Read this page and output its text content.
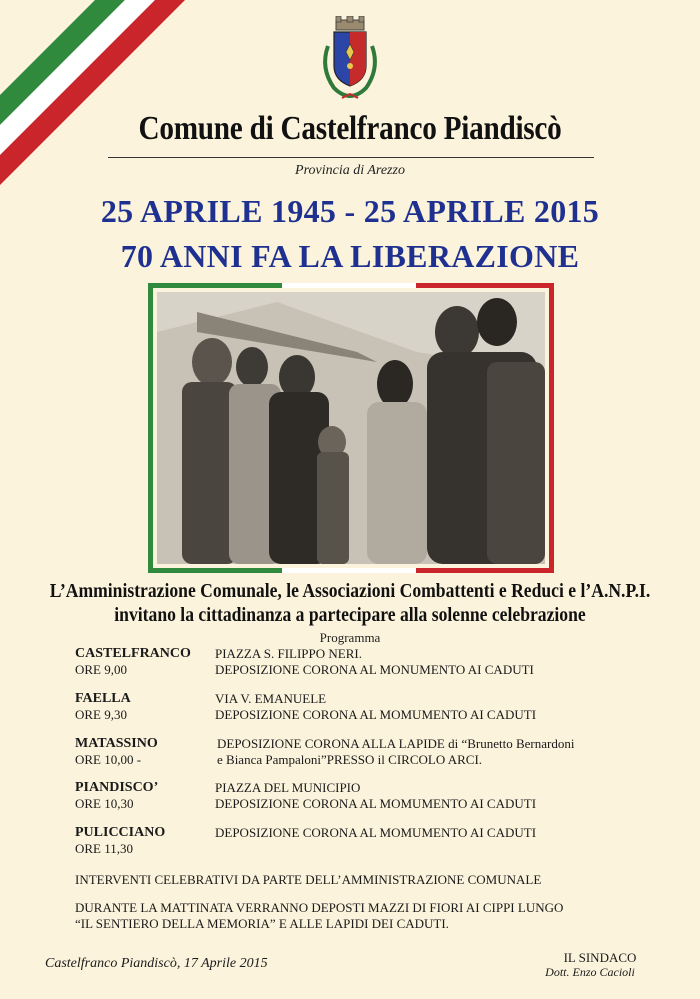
Comune di Castelfranco Piandiscò
Provincia di Arezzo
25 APRILE 1945 - 25 APRILE 2015
70 ANNI FA LA LIBERAZIONE
L’Amministrazione Comunale, le Associazioni Combattenti e Reduci e l’A.N.P.I.
invitano la cittadinanza a partecipare alla solenne celebrazione
Programma
CASTELFRANCO
ORE 9,00
PIAZZA S. FILIPPO NERI.
DEPOSIZIONE CORONA AL MONUMENTO AI CADUTI
FAELLA
ORE 9,30
VIA V. EMANUELE
DEPOSIZIONE CORONA AL MOMUMENTO AI CADUTI
MATASSINO
ORE 10,00 -
DEPOSIZIONE CORONA ALLA LAPIDE di “Brunetto Bernardoni
e Bianca Pampaloni”PRESSO il CIRCOLO ARCI.
PIANDISCO’
ORE 10,30
PIAZZA DEL MUNICIPIO
DEPOSIZIONE CORONA AL MOMUMENTO AI CADUTI
PULICCIANO
ORE 11,30
DEPOSIZIONE CORONA AL MOMUMENTO AI CADUTI
INTERVENTI CELEBRATIVI DA PARTE DELL’AMMINISTRAZIONE COMUNALE
DURANTE LA MATTINATA VERRANNO DEPOSTI MAZZI DI FIORI AI CIPPI LUNGO
“IL SENTIERO DELLA MEMORIA” E ALLE LAPIDI DEI CADUTI.
Castelfranco Piandiscò, 17 Aprile 2015	IL SINDACO
Dott. Enzo Cacioli
